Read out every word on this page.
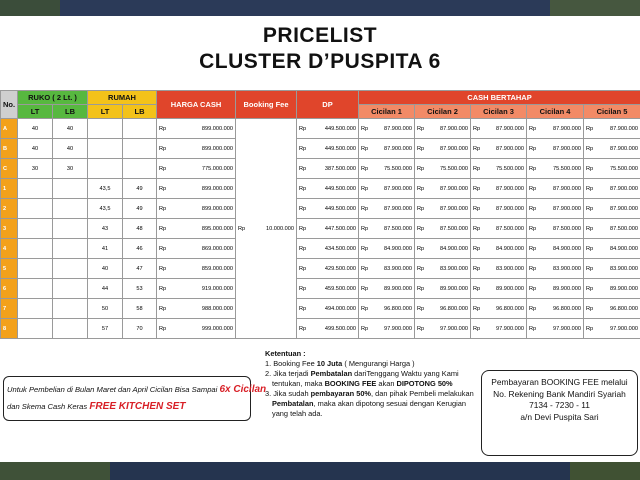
PRICELIST
CLUSTER D’PUSPITA 6
No.	RUKO ( 2 Lt. )		RUMAH		HARGA CASH	Booking Fee	DP	CASH BERTAHAP				
	LT	LB	LT	LB				Cicilan 1	Cicilan 2	Cicilan 3	Cicilan 4	Cicilan 5
A	40	40			Rp 899.000.000	Rp 10.000.000	Rp 449.500.000	Rp 87.900.000	Rp 87.900.000	Rp 87.900.000	Rp 87.900.000	Rp 87.900.000

B	40	40			Rp 899.000.000		Rp 449.500.000	Rp 87.900.000	Rp 87.900.000	Rp 87.900.000	Rp 87.900.000	Rp 87.900.000

C	30	30			Rp 775.000.000		Rp 387.500.000	Rp 75.500.000	Rp 75.500.000	Rp 75.500.000	Rp 75.500.000	Rp 75.500.000

1			43,5	49	Rp 899.000.000		Rp 449.500.000	Rp 87.900.000	Rp 87.900.000	Rp 87.900.000	Rp 87.900.000	Rp 87.900.000

2			43,5	49	Rp 899.000.000		Rp 449.500.000	Rp 87.900.000	Rp 87.900.000	Rp 87.900.000	Rp 87.900.000	Rp 87.900.000

3			43	48	Rp 895.000.000		Rp 447.500.000	Rp 87.500.000	Rp 87.500.000	Rp 87.500.000	Rp 87.500.000	Rp 87.500.000

4			41	46	Rp 869.000.000		Rp 434.500.000	Rp 84.900.000	Rp 84.900.000	Rp 84.900.000	Rp 84.900.000	Rp 84.900.000

5			40	47	Rp 859.000.000		Rp 429.500.000	Rp 83.900.000	Rp 83.900.000	Rp 83.900.000	Rp 83.900.000	Rp 83.900.000

6			44	53	Rp 919.000.000		Rp 459.500.000	Rp 89.900.000	Rp 89.900.000	Rp 89.900.000	Rp 89.900.000	Rp 89.900.000

7			50	58	Rp 988.000.000		Rp 494.000.000	Rp 96.800.000	Rp 96.800.000	Rp 96.800.000	Rp 96.800.000	Rp 96.800.000

8			57	70	Rp 999.000.000		Rp 499.500.000	Rp 97.900.000	Rp 97.900.000	Rp 97.900.000	Rp 97.900.000	Rp 97.900.000
Untuk Pembelian di Bulan Maret dan April Cicilan Bisa Sampai 6x Cicilan
dan Skema Cash Keras FREE KITCHEN SET
Ketentuan :
1. Booking Fee 10 Juta ( Mengurangi Harga )
2. Jika terjadi Pembatalan dariTenggang Waktu yang Kami tentukan, maka BOOKING FEE akan DIPOTONG 50%
3. Jika sudah pembayaran 50%, dan pihak Pembeli melakukan Pembatalan, maka akan dipotong sesuai dengan Kerugian yang telah ada.
Pembayaran BOOKING FEE melalui
No. Rekening Bank Mandiri Syariah
7134 - 7230 - 11
a/n Devi Puspita Sari
